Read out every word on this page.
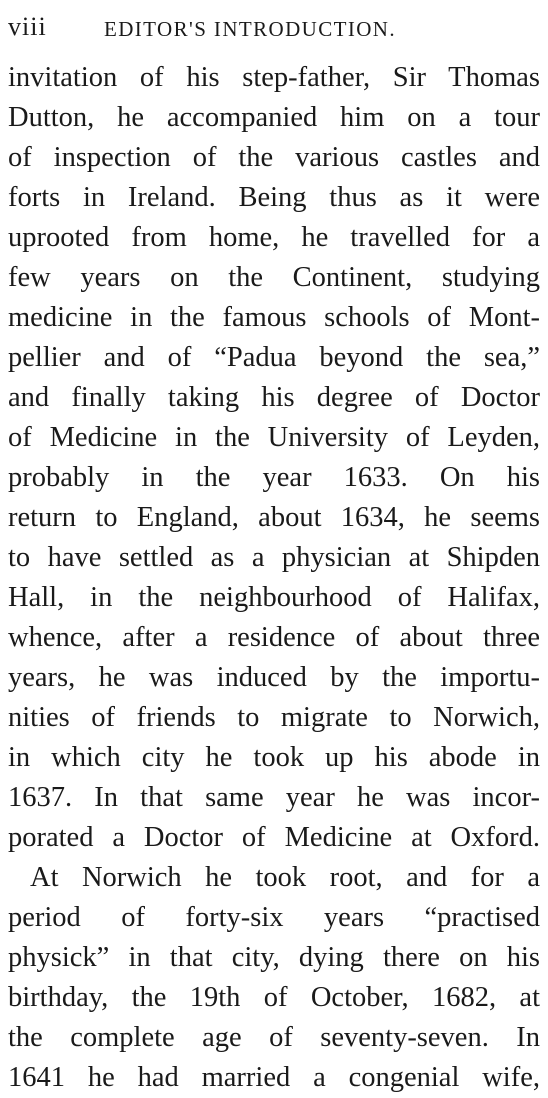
viii	EDITOR'S INTRODUCTION.
invitation of his step-father, Sir Thomas
Dutton, he accompanied him on a tour
of inspection of the various castles and
forts in Ireland. Being thus as it were
uprooted from home, he travelled for a
few years on the Continent, studying
medicine in the famous schools of Mont-
pellier and of “Padua beyond the sea,”
and finally taking his degree of Doctor
of Medicine in the University of Leyden,
probably in the year 1633. On his
return to England, about 1634, he seems
to have settled as a physician at Shipden
Hall, in the neighbourhood of Halifax,
whence, after a residence of about three
years, he was induced by the importu-
nities of friends to migrate to Norwich,
in which city he took up his abode in
1637. In that same year he was incor-
porated a Doctor of Medicine at Oxford.
At Norwich he took root, and for a
period of forty-six years “practised
physick” in that city, dying there on his
birthday, the 19th of October, 1682, at
the complete age of seventy-seven. In
1641 he had married a congenial wife,
